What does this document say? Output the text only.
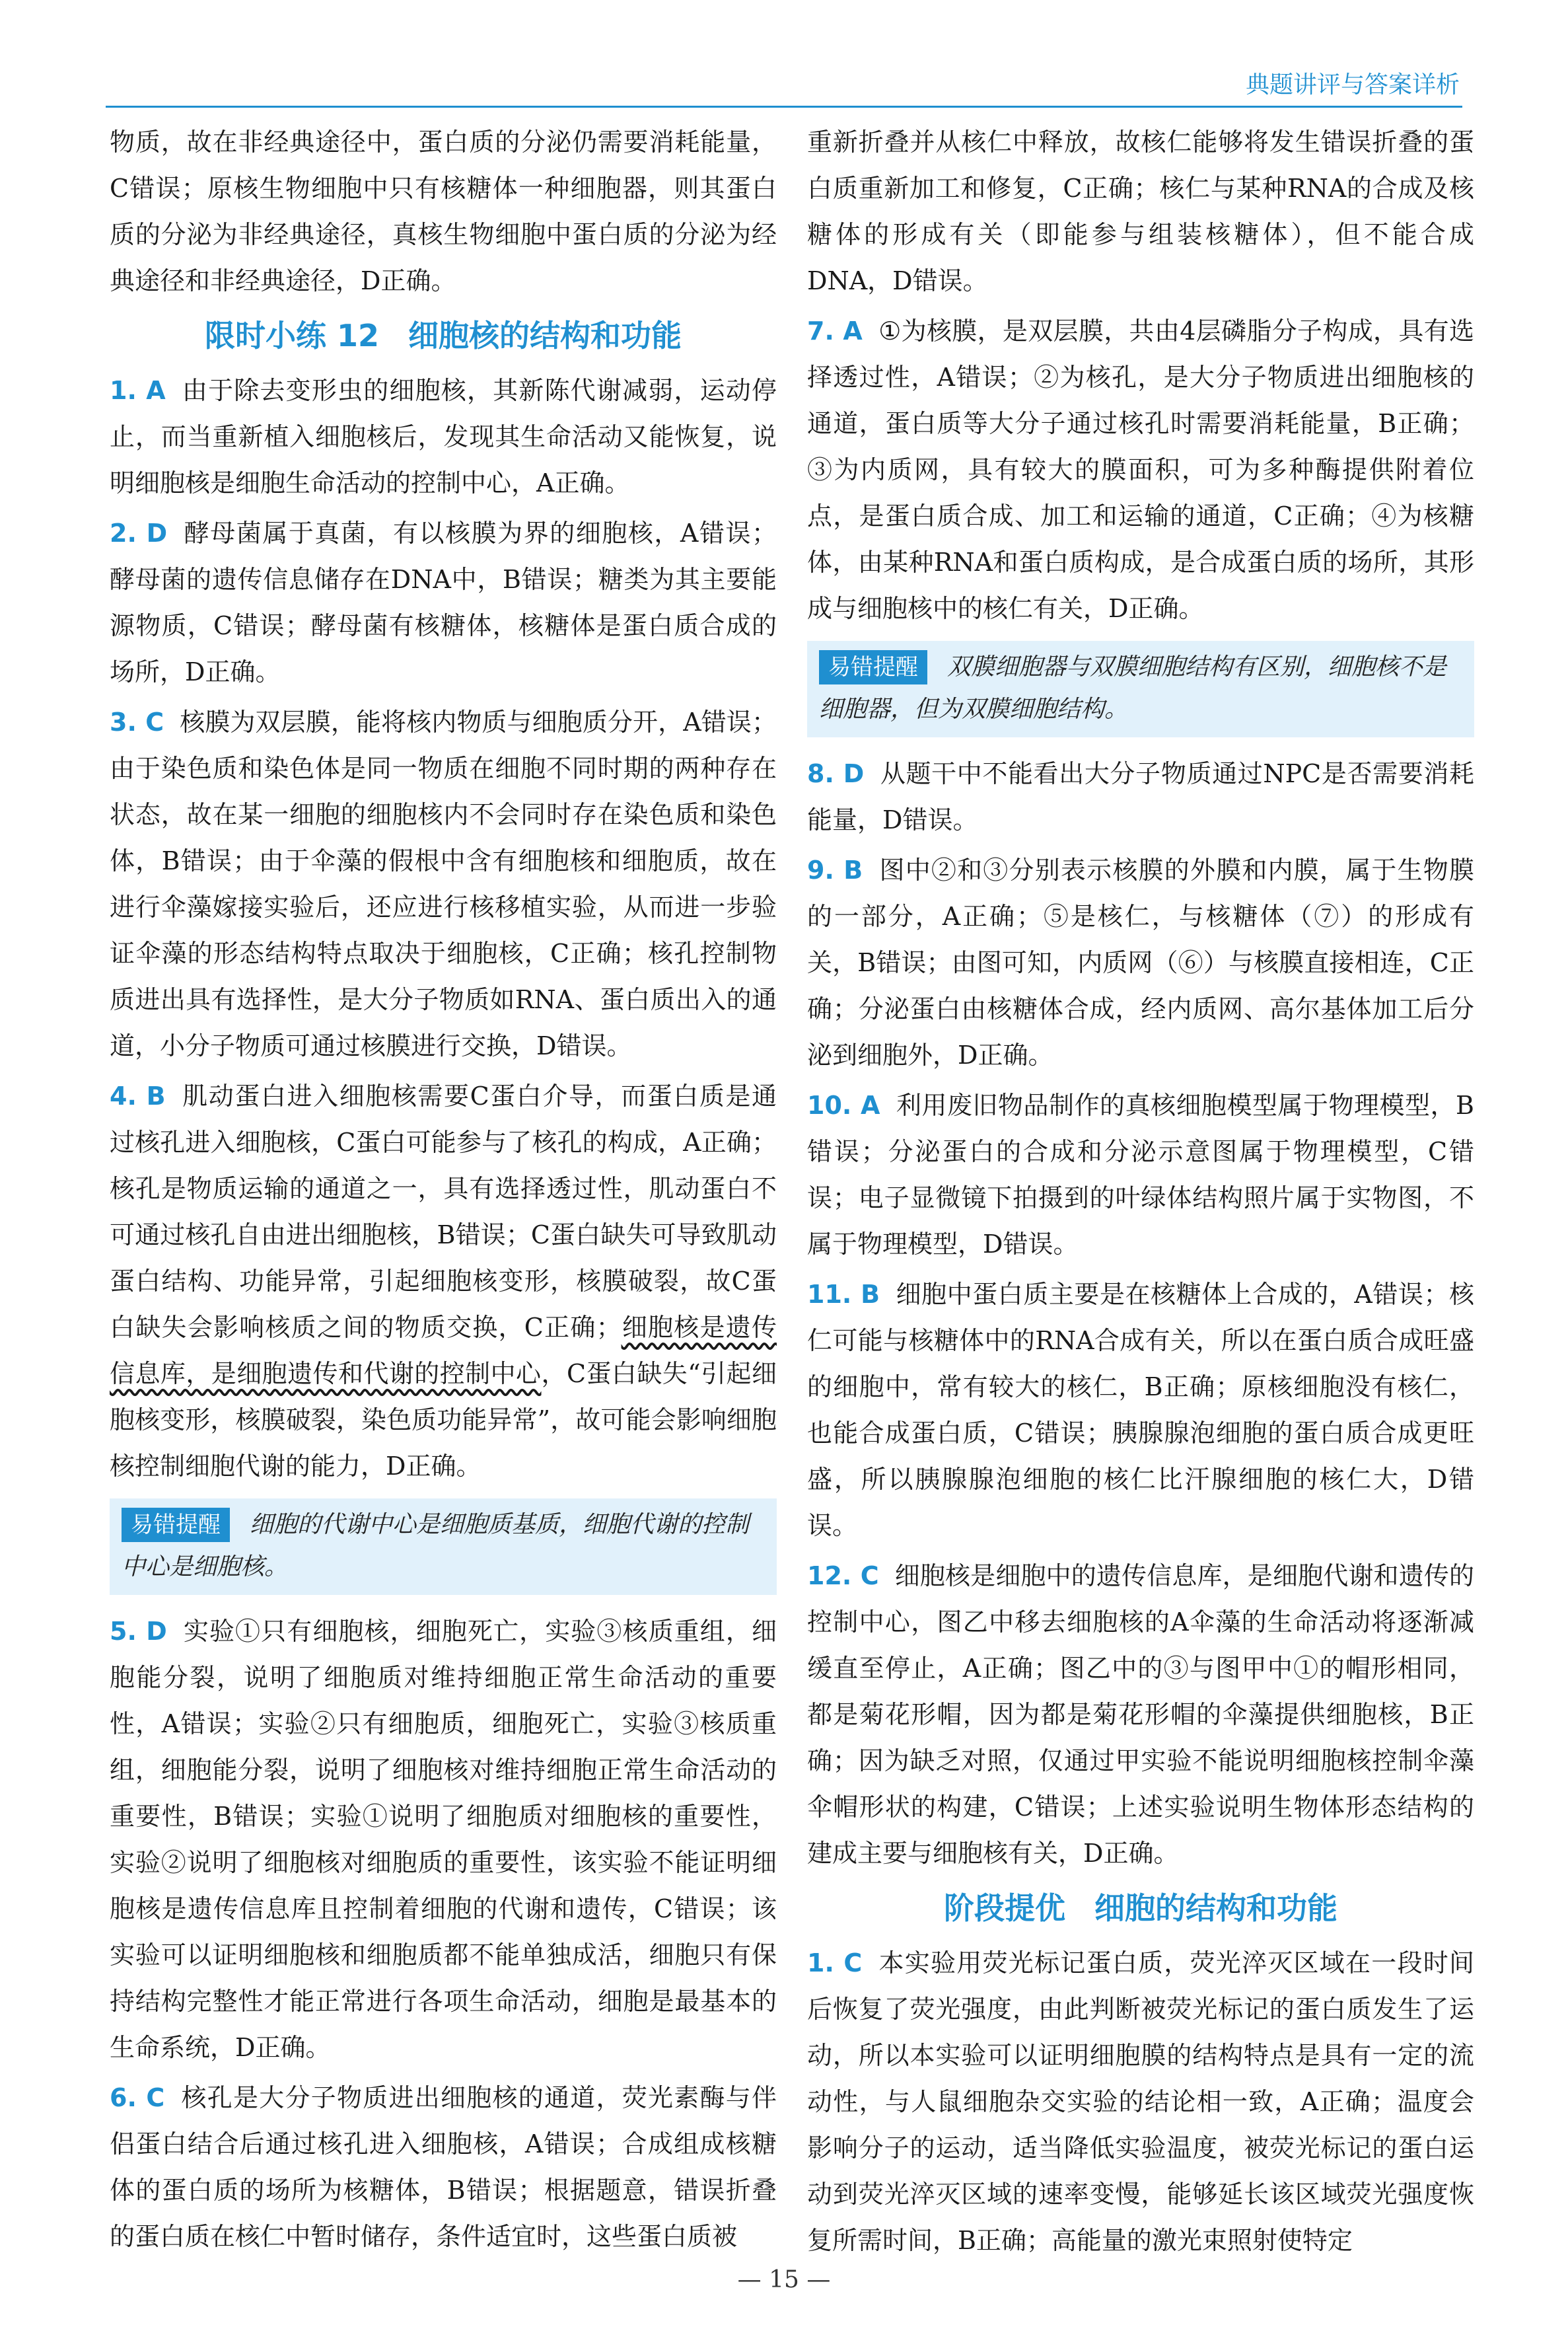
典题讲评与答案详析

物质，故在非经典途径中，蛋白质的分泌仍需要消耗能量，C错误；原核生物细胞中只有核糖体一种细胞器，则其蛋白质的分泌为非经典途径，真核生物细胞中蛋白质的分泌为经典途径和非经典途径，D正确。

限时小练 12 细胞核的结构和功能

1. A 由于除去变形虫的细胞核，其新陈代谢减弱，运动停止，而当重新植入细胞核后，发现其生命活动又能恢复，说明细胞核是细胞生命活动的控制中心，A正确。

2. D 酵母菌属于真菌，有以核膜为界的细胞核，A错误；酵母菌的遗传信息储存在DNA中，B错误；糖类为其主要能源物质，C错误；酵母菌有核糖体，核糖体是蛋白质合成的场所，D正确。

3. C 核膜为双层膜，能将核内物质与细胞质分开，A错误；由于染色质和染色体是同一物质在细胞不同时期的两种存在状态，故在某一细胞的细胞核内不会同时存在染色质和染色体，B错误；由于伞藻的假根中含有细胞核和细胞质，故在进行伞藻嫁接实验后，还应进行核移植实验，从而进一步验证伞藻的形态结构特点取决于细胞核，C正确；核孔控制物质进出具有选择性，是大分子物质如RNA、蛋白质出入的通道，小分子物质可通过核膜进行交换，D错误。

4. B 肌动蛋白进入细胞核需要C蛋白介导，而蛋白质是通过核孔进入细胞核，C蛋白可能参与了核孔的构成，A正确；核孔是物质运输的通道之一，具有选择透过性，肌动蛋白不可通过核孔自由进出细胞核，B错误；C蛋白缺失可导致肌动蛋白结构、功能异常，引起细胞核变形，核膜破裂，故C蛋白缺失会影响核质之间的物质交换，C正确；细胞核是遗传信息库，是细胞遗传和代谢的控制中心，C蛋白缺失“引起细胞核变形，核膜破裂，染色质功能异常”，故可能会影响细胞核控制细胞代谢的能力，D正确。

易错提醒 细胞的代谢中心是细胞质基质，细胞代谢的控制中心是细胞核。

5. D 实验①只有细胞核，细胞死亡，实验③核质重组，细胞能分裂，说明了细胞质对维持细胞正常生命活动的重要性，A错误；实验②只有细胞质，细胞死亡，实验③核质重组，细胞能分裂，说明了细胞核对维持细胞正常生命活动的重要性，B错误；实验①说明了细胞质对细胞核的重要性，实验②说明了细胞核对细胞质的重要性，该实验不能证明细胞核是遗传信息库且控制着细胞的代谢和遗传，C错误；该实验可以证明细胞核和细胞质都不能单独成活，细胞只有保持结构完整性才能正常进行各项生命活动，细胞是最基本的生命系统，D正确。

6. C 核孔是大分子物质进出细胞核的通道，荧光素酶与伴侣蛋白结合后通过核孔进入细胞核，A错误；合成组成核糖体的蛋白质的场所为核糖体，B错误；根据题意，错误折叠的蛋白质在核仁中暂时储存，条件适宜时，这些蛋白质被

重新折叠并从核仁中释放，故核仁能够将发生错误折叠的蛋白质重新加工和修复，C正确；核仁与某种RNA的合成及核糖体的形成有关（即能参与组装核糖体），但不能合成DNA，D错误。

7. A ①为核膜，是双层膜，共由4层磷脂分子构成，具有选择透过性，A错误；②为核孔，是大分子物质进出细胞核的通道，蛋白质等大分子通过核孔时需要消耗能量，B正确；③为内质网，具有较大的膜面积，可为多种酶提供附着位点，是蛋白质合成、加工和运输的通道，C正确；④为核糖体，由某种RNA和蛋白质构成，是合成蛋白质的场所，其形成与细胞核中的核仁有关，D正确。

易错提醒 双膜细胞器与双膜细胞结构有区别，细胞核不是细胞器，但为双膜细胞结构。

8. D 从题干中不能看出大分子物质通过NPC是否需要消耗能量，D错误。

9. B 图中②和③分别表示核膜的外膜和内膜，属于生物膜的一部分，A正确；⑤是核仁，与核糖体（⑦）的形成有关，B错误；由图可知，内质网（⑥）与核膜直接相连，C正确；分泌蛋白由核糖体合成，经内质网、高尔基体加工后分泌到细胞外，D正确。

10. A 利用废旧物品制作的真核细胞模型属于物理模型，B错误；分泌蛋白的合成和分泌示意图属于物理模型，C错误；电子显微镜下拍摄到的叶绿体结构照片属于实物图，不属于物理模型，D错误。

11. B 细胞中蛋白质主要是在核糖体上合成的，A错误；核仁可能与核糖体中的RNA合成有关，所以在蛋白质合成旺盛的细胞中，常有较大的核仁，B正确；原核细胞没有核仁，也能合成蛋白质，C错误；胰腺腺泡细胞的蛋白质合成更旺盛，所以胰腺腺泡细胞的核仁比汗腺细胞的核仁大，D错误。

12. C 细胞核是细胞中的遗传信息库，是细胞代谢和遗传的控制中心，图乙中移去细胞核的A伞藻的生命活动将逐渐减缓直至停止，A正确；图乙中的③与图甲中①的帽形相同，都是菊花形帽，因为都是菊花形帽的伞藻提供细胞核，B正确；因为缺乏对照，仅通过甲实验不能说明细胞核控制伞藻伞帽形状的构建，C错误；上述实验说明生物体形态结构的建成主要与细胞核有关，D正确。

阶段提优 细胞的结构和功能

1. C 本实验用荧光标记蛋白质，荧光淬灭区域在一段时间后恢复了荧光强度，由此判断被荧光标记的蛋白质发生了运动，所以本实验可以证明细胞膜的结构特点是具有一定的流动性，与人鼠细胞杂交实验的结论相一致，A正确；温度会影响分子的运动，适当降低实验温度，被荧光标记的蛋白运动到荧光淬灭区域的速率变慢，能够延长该区域荧光强度恢复所需时间，B正确；高能量的激光束照射使特定

— 15 —
